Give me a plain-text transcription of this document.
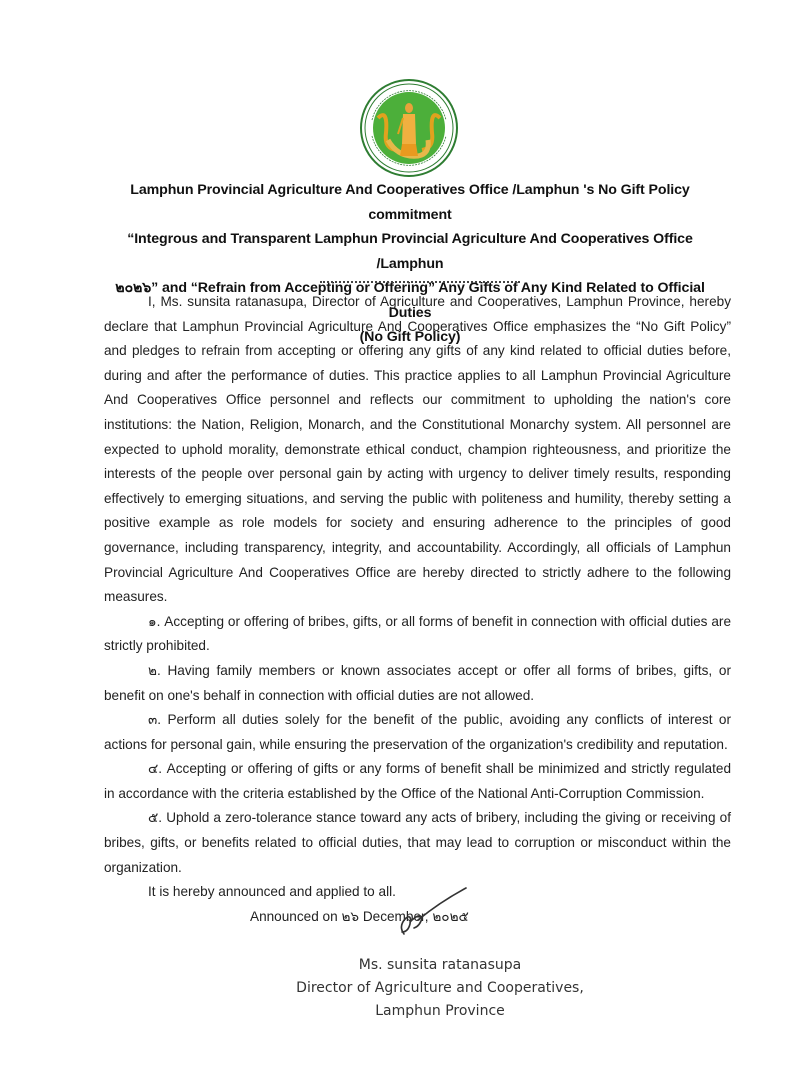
Lamphun Provincial Agriculture And Cooperatives Office /Lamphun 's No Gift Policy commitment
“Integrous and Transparent Lamphun Provincial Agriculture And Cooperatives Office /Lamphun
๒๐๒๖” and “Refrain from Accepting or Offering” Any Gifts of Any Kind Related to Official Duties
(No Gift Policy)

I, Ms. sunsita ratanasupa, Director of Agriculture and Cooperatives, Lamphun Province, hereby declare that Lamphun Provincial Agriculture And Cooperatives Office emphasizes the “No Gift Policy” and pledges to refrain from accepting or offering any gifts of any kind related to official duties before, during and after the performance of duties. This practice applies to all Lamphun Provincial Agriculture And Cooperatives Office personnel and reflects our commitment to upholding the nation's core institutions: the Nation, Religion, Monarch, and the Constitutional Monarchy system. All personnel are expected to uphold morality, demonstrate ethical conduct, champion righteousness, and prioritize the interests of the people over personal gain by acting with urgency to deliver timely results, responding effectively to emerging situations, and serving the public with politeness and humility, thereby setting a positive example as role models for society and ensuring adherence to the principles of good governance, including transparency, integrity, and accountability. Accordingly, all officials of Lamphun Provincial Agriculture And Cooperatives Office are hereby directed to strictly adhere to the following measures.

๑. Accepting or offering of bribes, gifts, or all forms of benefit in connection with official duties are strictly prohibited.

๒. Having family members or known associates accept or offer all forms of bribes, gifts, or benefit on one's behalf in connection with official duties are not allowed.

๓. Perform all duties solely for the benefit of the public, avoiding any conflicts of interest or actions for personal gain, while ensuring the preservation of the organization's credibility and reputation.

๔. Accepting or offering of gifts or any forms of benefit shall be minimized and strictly regulated in accordance with the criteria established by the Office of the National Anti-Corruption Commission.

๕. Uphold a zero-tolerance stance toward any acts of bribery, including the giving or receiving of bribes, gifts, or benefits related to official duties, that may lead to corruption or misconduct within the organization.

It is hereby announced and applied to all.
Announced on ๒๖ December, ๒๐๒๕
Ms. sunsita ratanasupa
Director of Agriculture and Cooperatives,
Lamphun Province
